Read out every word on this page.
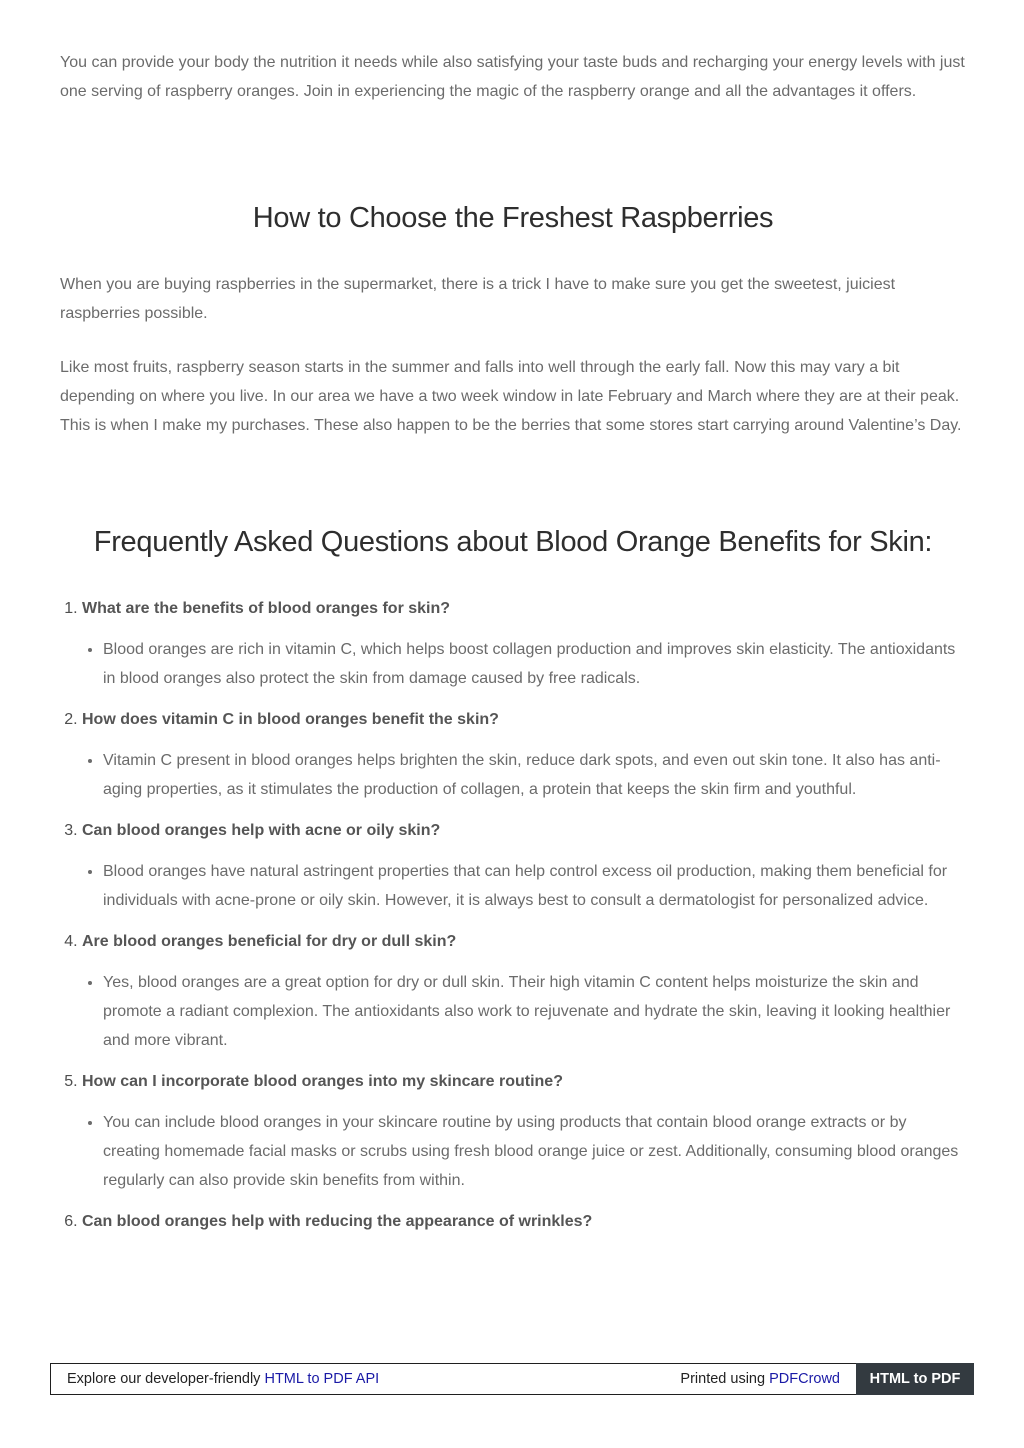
You can provide your body the nutrition it needs while also satisfying your taste buds and recharging your energy levels with just one serving of raspberry oranges. Join in experiencing the magic of the raspberry orange and all the advantages it offers.

How to Choose the Freshest Raspberries

When you are buying raspberries in the supermarket, there is a trick I have to make sure you get the sweetest, juiciest raspberries possible.

Like most fruits, raspberry season starts in the summer and falls into well through the early fall. Now this may vary a bit depending on where you live. In our area we have a two week window in late February and March where they are at their peak. This is when I make my purchases. These also happen to be the berries that some stores start carrying around Valentine’s Day.

Frequently Asked Questions about Blood Orange Benefits for Skin:
1. What are the benefits of blood oranges for skin?
• Blood oranges are rich in vitamin C, which helps boost collagen production and improves skin elasticity. The antioxidants in blood oranges also protect the skin from damage caused by free radicals.
2. How does vitamin C in blood oranges benefit the skin?
• Vitamin C present in blood oranges helps brighten the skin, reduce dark spots, and even out skin tone. It also has anti-aging properties, as it stimulates the production of collagen, a protein that keeps the skin firm and youthful.
3. Can blood oranges help with acne or oily skin?
• Blood oranges have natural astringent properties that can help control excess oil production, making them beneficial for individuals with acne-prone or oily skin. However, it is always best to consult a dermatologist for personalized advice.
4. Are blood oranges beneficial for dry or dull skin?
• Yes, blood oranges are a great option for dry or dull skin. Their high vitamin C content helps moisturize the skin and promote a radiant complexion. The antioxidants also work to rejuvenate and hydrate the skin, leaving it looking healthier and more vibrant.
5. How can I incorporate blood oranges into my skincare routine?
• You can include blood oranges in your skincare routine by using products that contain blood orange extracts or by creating homemade facial masks or scrubs using fresh blood orange juice or zest. Additionally, consuming blood oranges regularly can also provide skin benefits from within.
6. Can blood oranges help with reducing the appearance of wrinkles?
Explore our developer-friendly HTML to PDF API	Printed using PDFCrowd	HTML to PDF
